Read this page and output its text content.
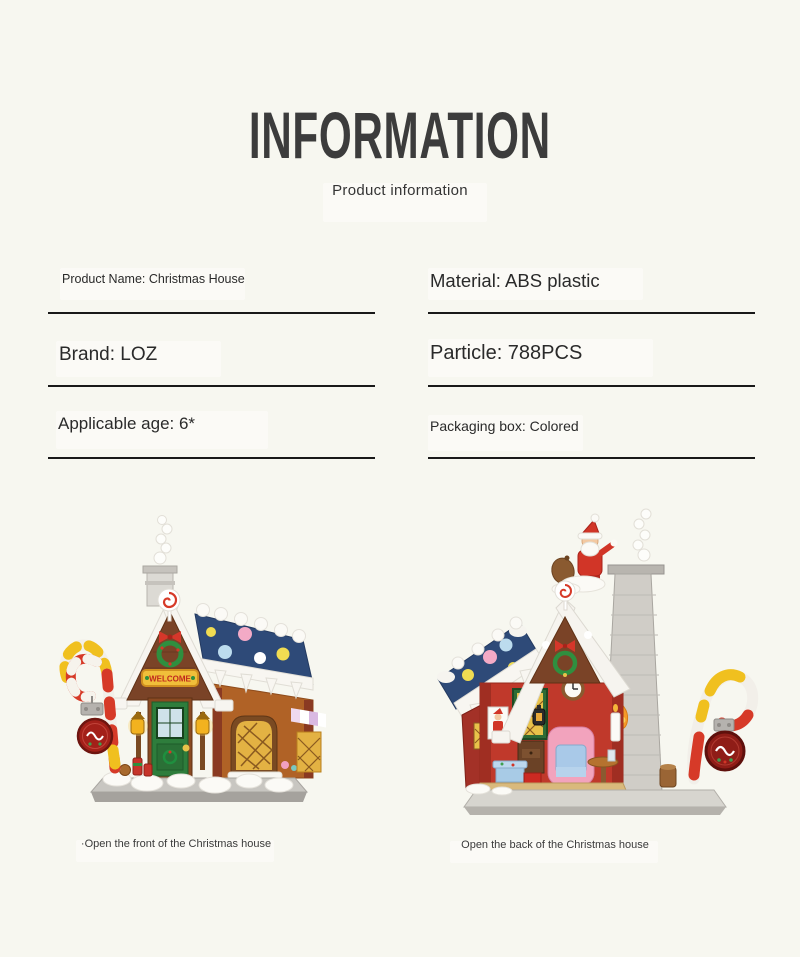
INFORMATION
Product information
Product Name: Christmas House	Material: ABS plastic
Brand: LOZ	Particle: 788PCS
Applicable age: 6*	Packaging box: Colored
WELCOME
·Open the front of the Christmas house	Open the back of the Christmas house
